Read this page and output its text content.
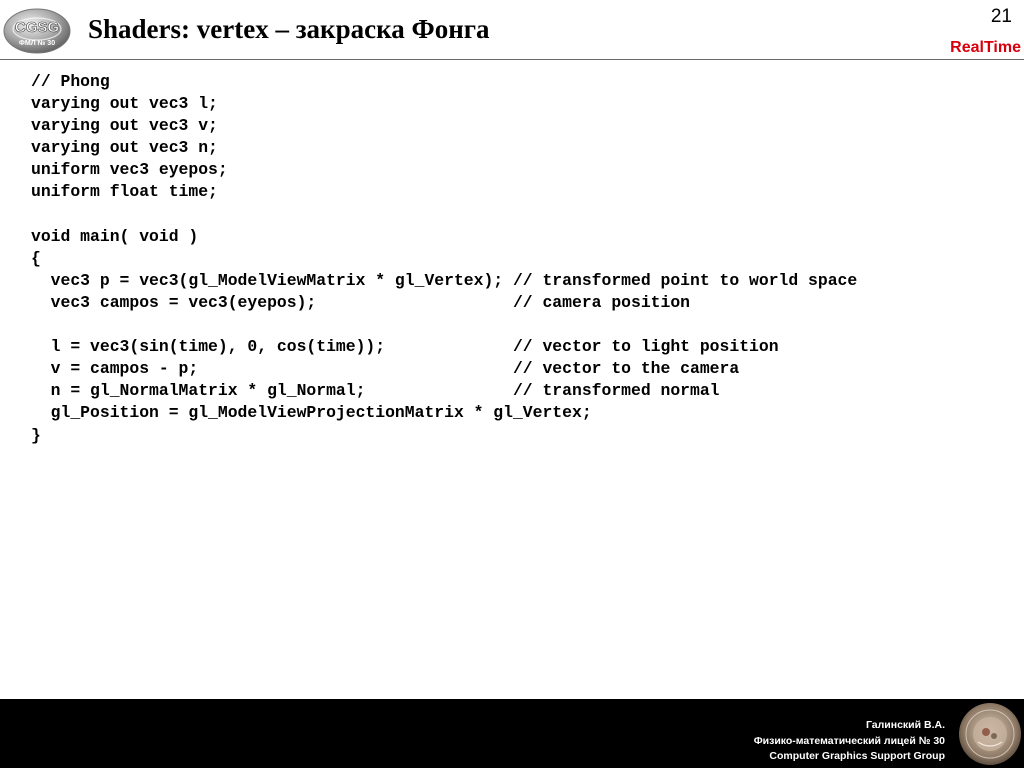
CGSG
ФМЛ № 30 Shaders: vertex – закраска Фонга	21
RealTime
// Phong
varying out vec3 l;
varying out vec3 v;
varying out vec3 n;
uniform vec3 eyepos;
uniform float time;
void main( void )
{
vec3 p = vec3(gl_ModelViewMatrix * gl_Vertex); // transformed point to world space
vec3 campos = vec3(eyepos);                    // camera position
l = vec3(sin(time), 0, cos(time));             // vector to light position
v = campos - p;                                // vector to the camera
n = gl_NormalMatrix * gl_Normal;               // transformed normal
gl_Position = gl_ModelViewProjectionMatrix * gl_Vertex;
}
Галинский В.А.
Физико-математический лицей № 30
Computer Graphics Support Group
